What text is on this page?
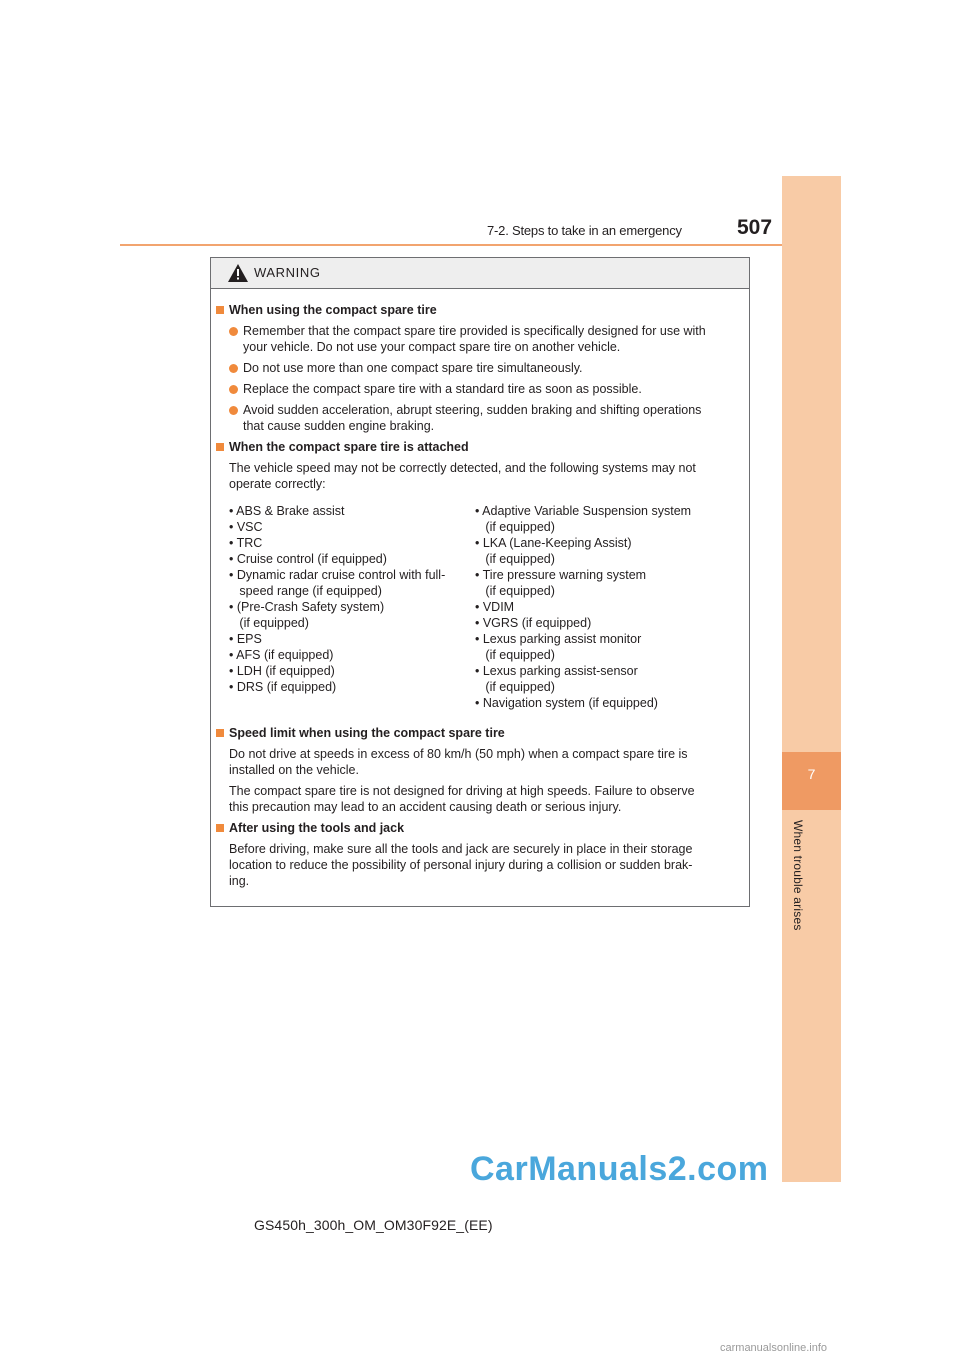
7-2. Steps to take in an emergency	507
7
When trouble arises
WARNING
When using the compact spare tire
Remember that the compact spare tire provided is specifically designed for use with
your vehicle. Do not use your compact spare tire on another vehicle.
Do not use more than one compact spare tire simultaneously.
Replace the compact spare tire with a standard tire as soon as possible.
Avoid sudden acceleration, abrupt steering, sudden braking and shifting operations
that cause sudden engine braking.
When the compact spare tire is attached
The vehicle speed may not be correctly detected, and the following systems may not
operate correctly:
• ABS & Brake assist
• VSC
• TRC
• Cruise control (if equipped)
• Dynamic radar cruise control with full-
speed range (if equipped)
• (Pre-Crash Safety system)
(if equipped)
• EPS
• AFS (if equipped)
• LDH (if equipped)
• DRS (if equipped)
• Adaptive Variable Suspension system
(if equipped)
• LKA (Lane-Keeping Assist)
(if equipped)
• Tire pressure warning system
(if equipped)
• VDIM
• VGRS (if equipped)
• Lexus parking assist monitor
(if equipped)
• Lexus parking assist-sensor
(if equipped)
• Navigation system (if equipped)
Speed limit when using the compact spare tire
Do not drive at speeds in excess of 80 km/h (50 mph) when a compact spare tire is
installed on the vehicle.
The compact spare tire is not designed for driving at high speeds. Failure to observe
this precaution may lead to an accident causing death or serious injury.
After using the tools and jack
Before driving, make sure all the tools and jack are securely in place in their storage
location to reduce the possibility of personal injury during a collision or sudden brak-
ing.
CarManuals2.com
GS450h_300h_OM_OM30F92E_(EE)
carmanualsonline.info
